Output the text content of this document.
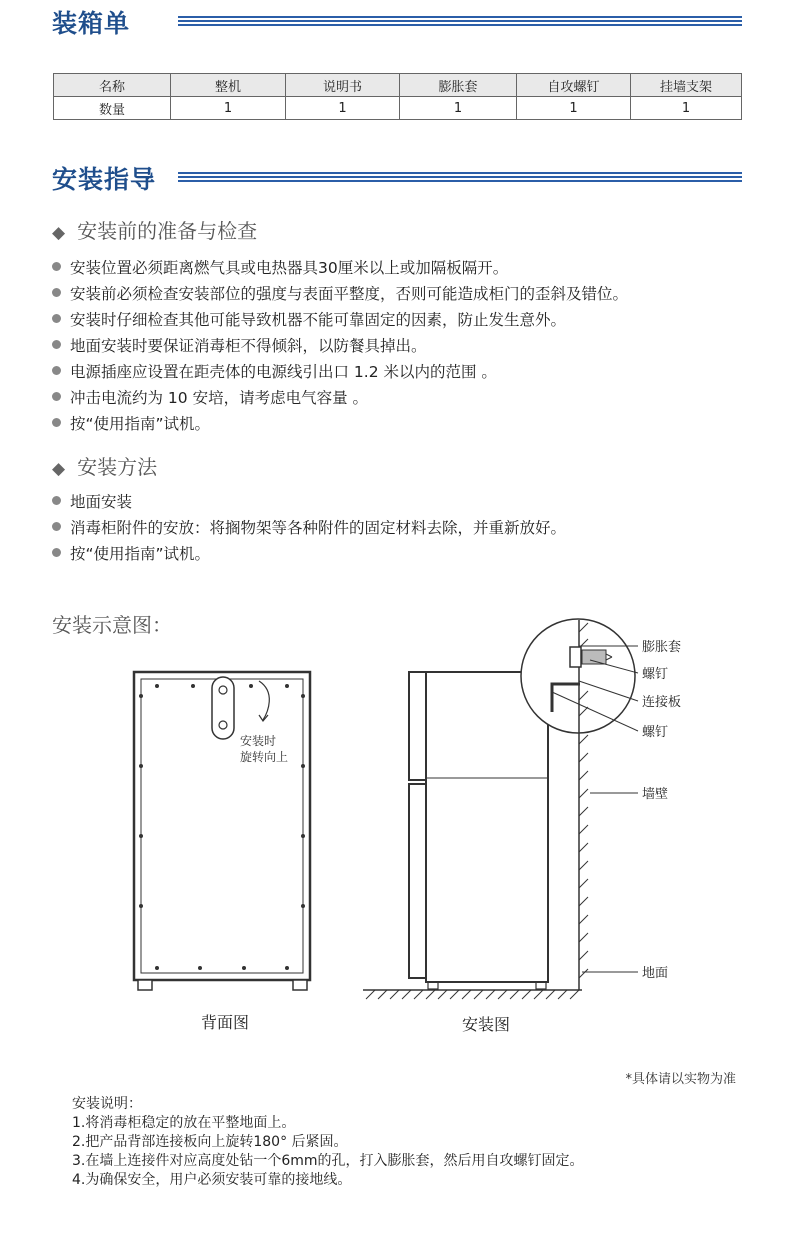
装箱单
名称	整机	说明书	膨胀套	自攻螺钉	挂墙支架
数量	1	1	1	1	1
安装指导
◆ 安装前的准备与检查
安装位置必须距离燃气具或电热器具30厘米以上或加隔板隔开。
安装前必须检查安装部位的强度与表面平整度，否则可能造成柜门的歪斜及错位。
安装时仔细检查其他可能导致机器不能可靠固定的因素，防止发生意外。
地面安装时要保证消毒柜不得倾斜，以防餐具掉出。
电源插座应设置在距壳体的电源线引出口 1.2 米以内的范围 。
冲击电流约为 10 安培，请考虑电气容量 。
按“使用指南”试机。
◆ 安装方法
地面安装
消毒柜附件的安放：将搁物架等各种附件的固定材料去除，并重新放好。
按“使用指南”试机。
安装示意图：
安装时
旋转向上
背面图
膨胀套
螺钉
连接板
螺钉
墙壁
地面
安装图
*具体请以实物为准
安装说明：
1.将消毒柜稳定的放在平整地面上。
2.把产品背部连接板向上旋转180° 后紧固。
3.在墙上连接件对应高度处钻一个6mm的孔，打入膨胀套，然后用自攻螺钉固定。
4.为确保安全，用户必须安装可靠的接地线。
